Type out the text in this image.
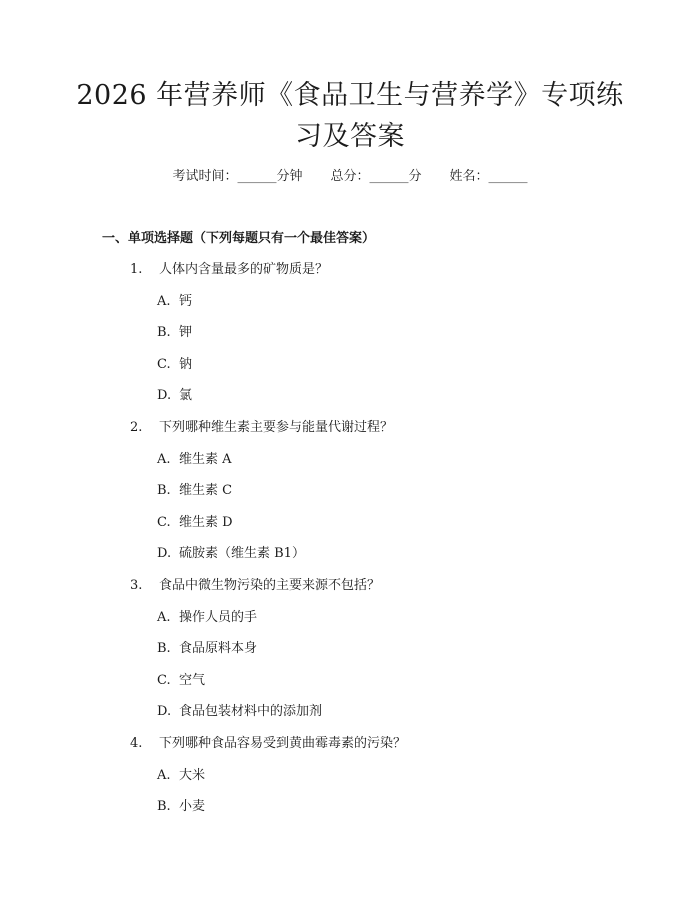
2026 年营养师《食品卫生与营养学》专项练
习及答案
考试时间：______分钟 总分：______分 姓名：______
一、单项选择题（下列每题只有一个最佳答案）
1. 人体内含量最多的矿物质是？
A. 钙
B. 钾
C. 钠
D. 氯
2. 下列哪种维生素主要参与能量代谢过程？
A. 维生素 A
B. 维生素 C
C. 维生素 D
D. 硫胺素（维生素 B1）
3. 食品中微生物污染的主要来源不包括？
A. 操作人员的手
B. 食品原料本身
C. 空气
D. 食品包装材料中的添加剂
4. 下列哪种食品容易受到黄曲霉毒素的污染？
A. 大米
B. 小麦
